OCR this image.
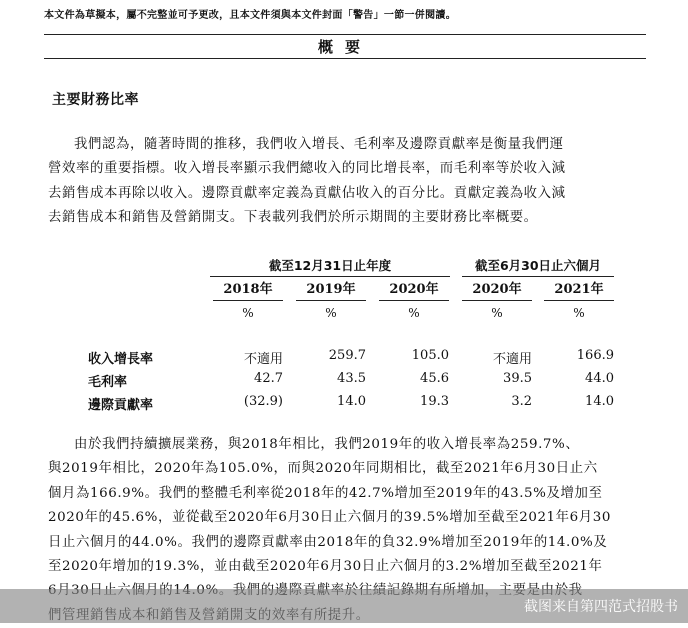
本文件為草擬本，屬不完整並可予更改，且本文件須與本文件封面「警告」一節一併閱讀。
概要
主要財務比率
我們認為，隨著時間的推移，我們收入增長、毛利率及邊際貢獻率是衡量我們運
營效率的重要指標。收入增長率顯示我們總收入的同比增長率，而毛利率等於收入減
去銷售成本再除以收入。邊際貢獻率定義為貢獻佔收入的百分比。貢獻定義為收入減
去銷售成本和銷售及營銷開支。下表載列我們於所示期間的主要財務比率概要。
截至12月31日止年度	截至6月30日止六個月
2018年	2019年	2020年	2020年	2021年
%	%	%	%	%
收入增長率	不適用	259.7	105.0	不適用	166.9
毛利率	42.7	43.5	45.6	39.5	44.0
邊際貢獻率	(32.9)	14.0	19.3	3.2	14.0
由於我們持續擴展業務，與2018年相比，我們2019年的收入增長率為259.7%、
與2019年相比，2020年為105.0%，而與2020年同期相比，截至2021年6月30日止六
個月為166.9%。我們的整體毛利率從2018年的42.7%增加至2019年的43.5%及增加至
2020年的45.6%，並從截至2020年6月30日止六個月的39.5%增加至截至2021年6月30
日止六個月的44.0%。我們的邊際貢獻率由2018年的負32.9%增加至2019年的14.0%及
至2020年增加的19.3%，並由截至2020年6月30日止六個月的3.2%增加至截至2021年
截图来自第四范式招股书
